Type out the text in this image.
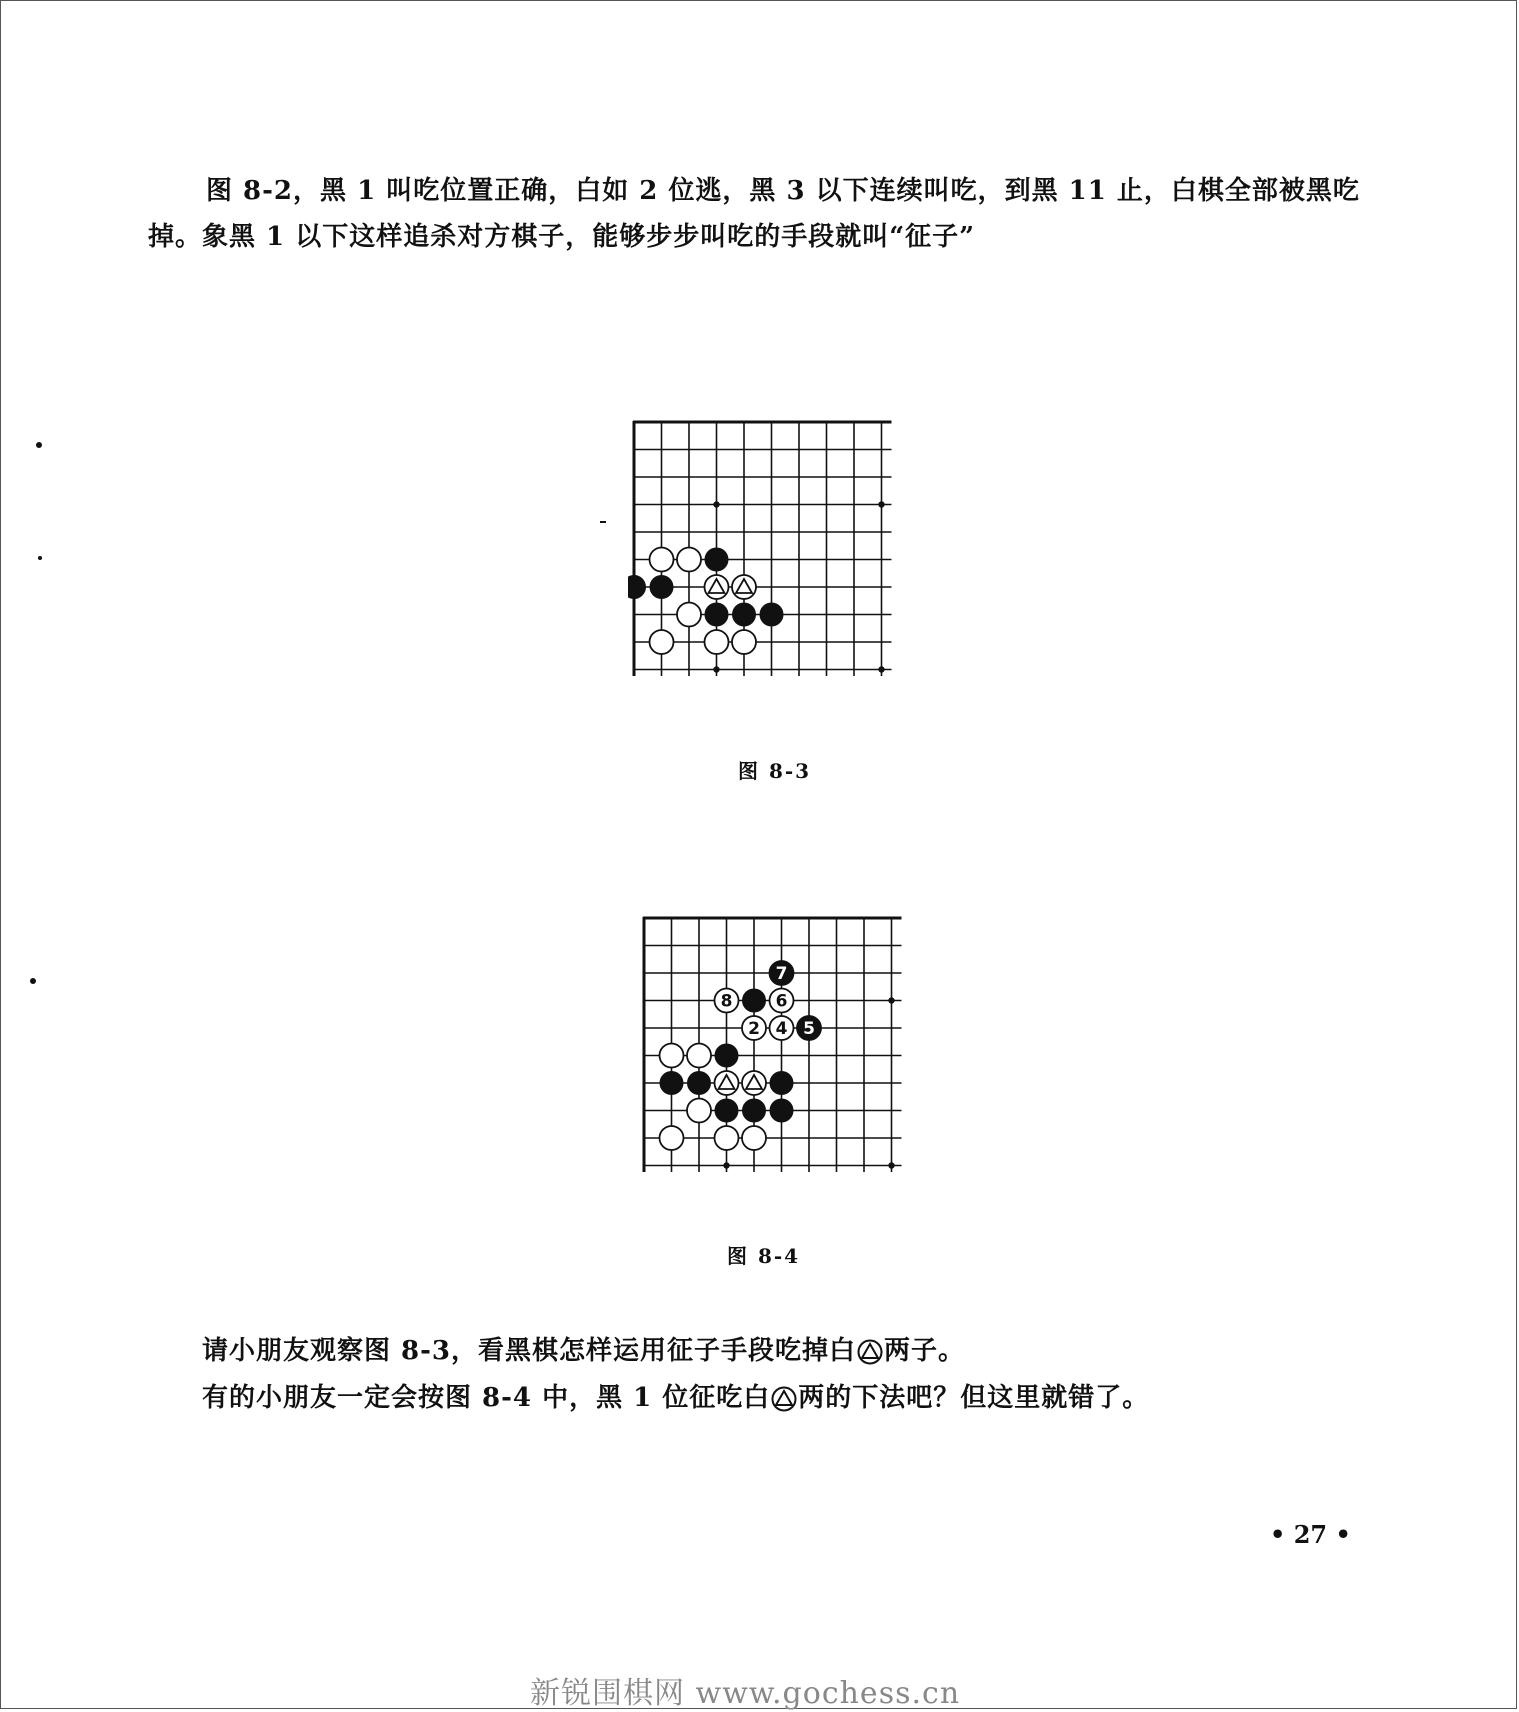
图 8-2，黑 1 叫吃位置正确，白如 2 位逃，黑 3 以下连续叫吃，到黑 11 止，白棋全部被黑吃
掉。象黑 1 以下这样追杀对方棋子，能够步步叫吃的手段就叫“征子”
图 8-3
7
8	6
2 4 5
图 8-4
请小朋友观察图 8-3，看黑棋怎样运用征子手段吃掉白 两子。
有的小朋友一定会按图 8-4 中，黑 1 位征吃白 两的下法吧？但这里就错了。
• 27 •
新锐围棋网 www.gochess.cn
